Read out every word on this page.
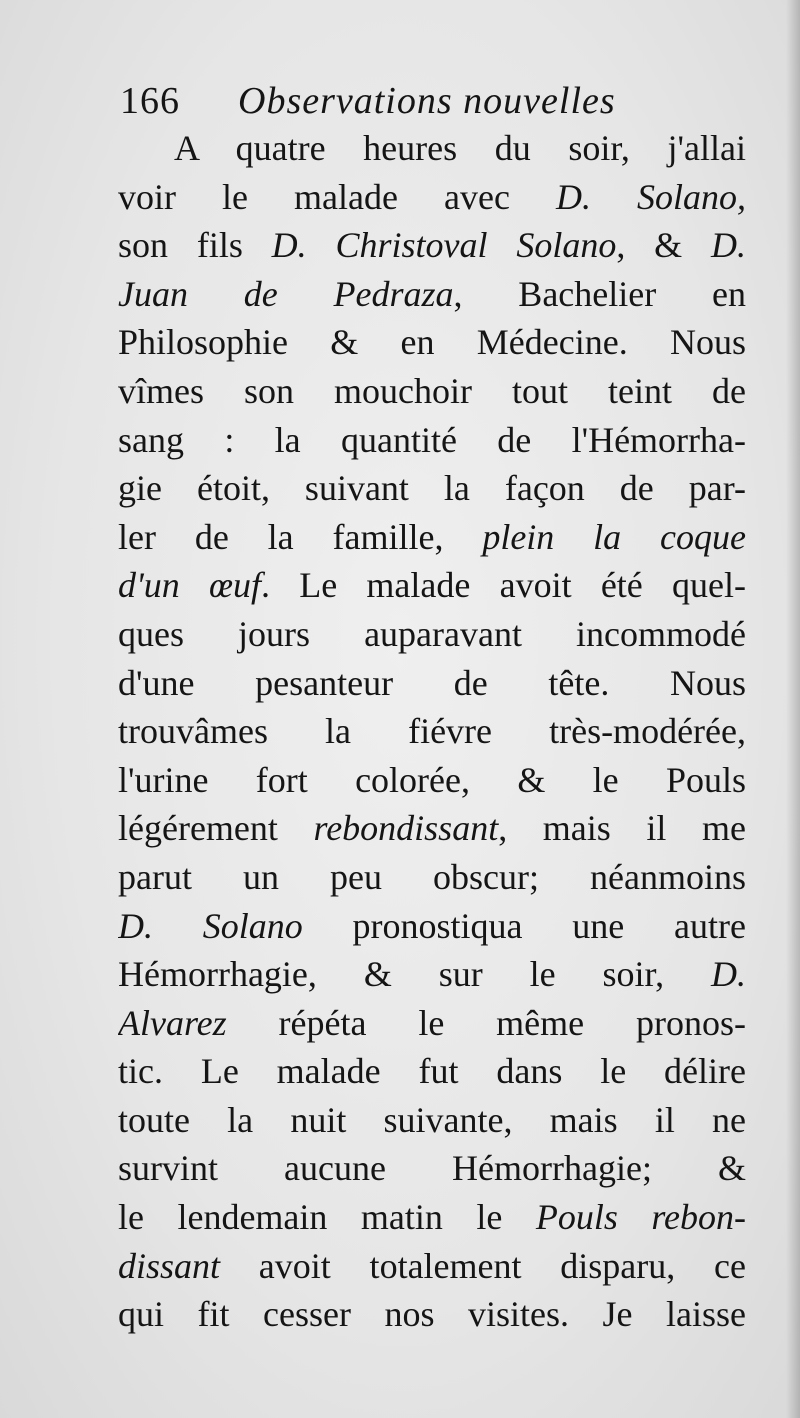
166 Observations nouvelles
A quatre heures du soir, j'allai
voir le malade avec D. Solano,
son fils D. Christoval Solano, & D.
Juan de Pedraza, Bachelier en
Philosophie & en Médecine. Nous
vîmes son mouchoir tout teint de
sang : la quantité de l'Hémorrha-
gie étoit, suivant la façon de par-
ler de la famille, plein la coque
d'un œuf. Le malade avoit été quel-
ques jours auparavant incommodé
d'une pesanteur de tête. Nous
trouvâmes la fiévre très-modérée,
l'urine fort colorée, & le Pouls
légérement rebondissant, mais il me
parut un peu obscur; néanmoins
D. Solano pronostiqua une autre
Hémorrhagie, & sur le soir, D.
Alvarez répéta le même pronos-
tic. Le malade fut dans le délire
toute la nuit suivante, mais il ne
survint aucune Hémorrhagie; &
le lendemain matin le Pouls rebon-
dissant avoit totalement disparu, ce
qui fit cesser nos visites. Je laisse
